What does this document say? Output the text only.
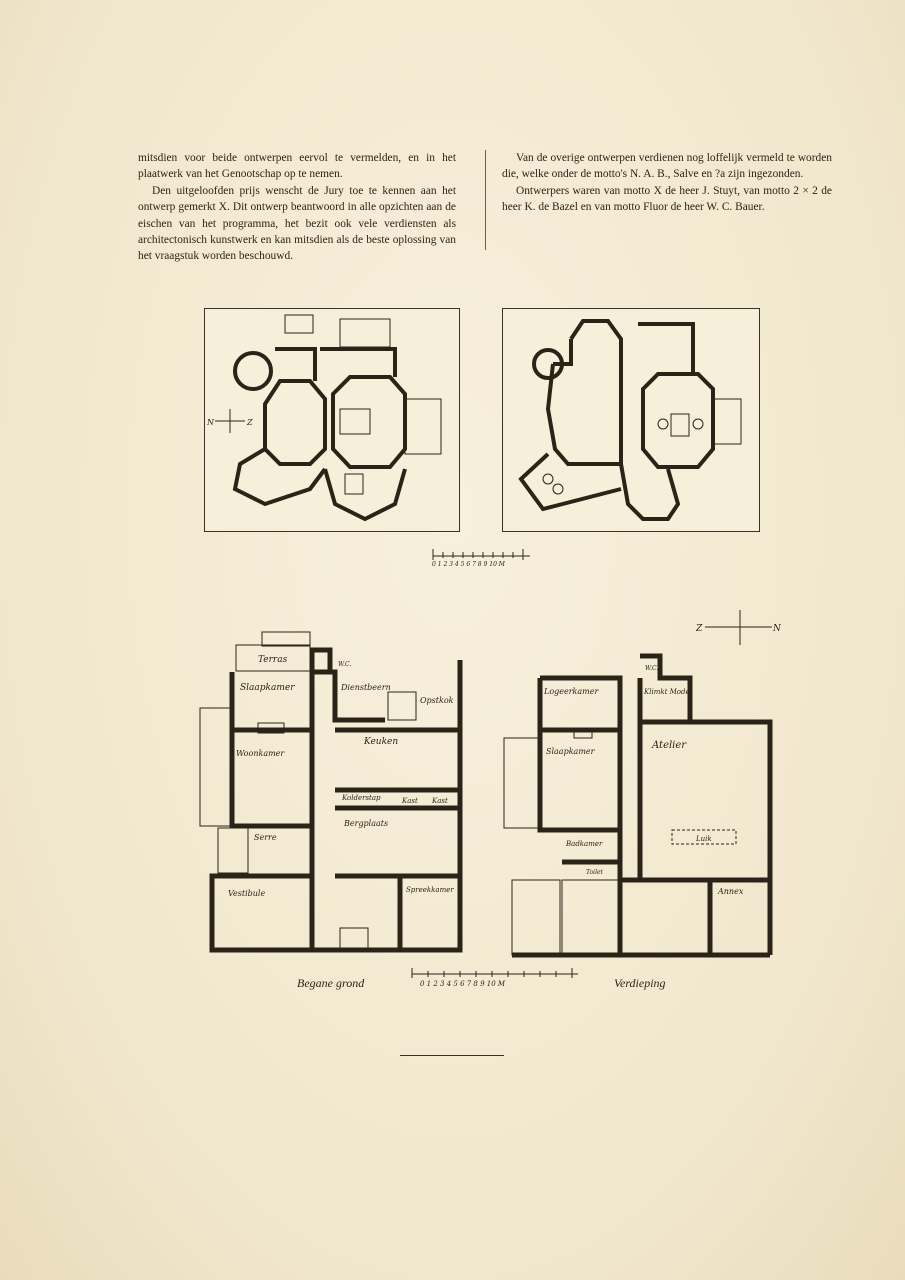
mitsdien voor beide ontwerpen eervol te vermelden, en in het plaatwerk van het Genootschap op te nemen.

Den uitgeloofden prijs wenscht de Jury toe te kennen aan het ontwerp gemerkt X. Dit ontwerp beantwoord in alle opzichten aan de eischen van het programma, het bezit ook vele verdiensten als architectonisch kunstwerk en kan mitsdien als de beste oplossing van het vraagstuk worden beschouwd.

Van de overige ontwerpen verdienen nog loffelijk vermeld te worden die, welke onder de motto's N. A. B., Salve en ?a zijn ingezonden.

Ontwerpers waren van motto X de heer J. Stuyt, van motto 2 × 2 de heer K. de Bazel en van motto Fluor de heer W. C. Bauer.

N	Z
0 1 2 3 4 5 6 7 8 9 10 M
Z	N
Terras	W.C.
Slaapkamer	Dienstbeern
Opstkok
Woonkamer
Keuken
Kolderstap	Kast Kast
Bergplaats
Serre
Vestibule	Spreekkamer
W.C.
Logeerkamer	Klimkt Model
Slaapkamer
Atelier
Luik
Badkamer
Toilet
Annex
0 1 2 3 4 5 6 7 8 9 10 M
Begane grond	Verdieping
